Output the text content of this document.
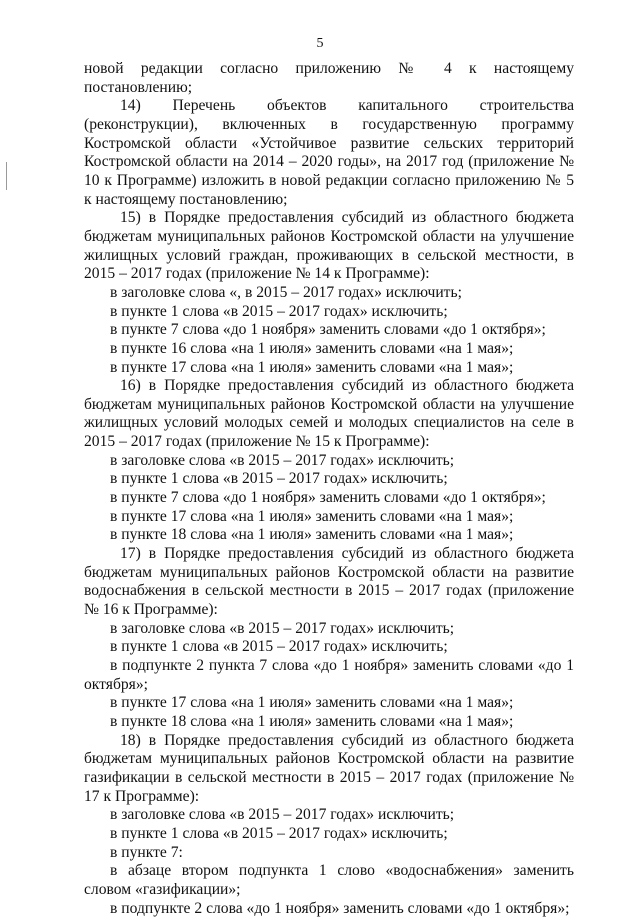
5

новой редакции согласно приложению № 4 к настоящему постановлению;

14) Перечень объектов капитального строительства (реконструкции), включенных в государственную программу Костромской области «Устойчивое развитие сельских территорий Костромской области на 2014 – 2020 годы», на 2017 год (приложение № 10 к Программе) изложить в новой редакции согласно приложению № 5 к настоящему постановлению;

15) в Порядке предоставления субсидий из областного бюджета бюджетам муниципальных районов Костромской области на улучшение жилищных условий граждан, проживающих в сельской местности, в 2015 – 2017 годах (приложение № 14 к Программе):

в заголовке слова «, в 2015 – 2017 годах» исключить;

в пункте 1 слова «в 2015 – 2017 годах» исключить;

в пункте 7 слова «до 1 ноября» заменить словами «до 1 октября»;

в пункте 16 слова «на 1 июля» заменить словами «на 1 мая»;

в пункте 17 слова «на 1 июля» заменить словами «на 1 мая»;

16) в Порядке предоставления субсидий из областного бюджета бюджетам муниципальных районов Костромской области на улучшение жилищных условий молодых семей и молодых специалистов на селе в 2015 – 2017 годах (приложение № 15 к Программе):

в заголовке слова «в 2015 – 2017 годах» исключить;

в пункте 1 слова «в 2015 – 2017 годах» исключить;

в пункте 7 слова «до 1 ноября» заменить словами «до 1 октября»;

в пункте 17 слова «на 1 июля» заменить словами «на 1 мая»;

в пункте 18 слова «на 1 июля» заменить словами «на 1 мая»;

17) в Порядке предоставления субсидий из областного бюджета бюджетам муниципальных районов Костромской области на развитие водоснабжения в сельской местности в 2015 – 2017 годах (приложение № 16 к Программе):

в заголовке слова «в 2015 – 2017 годах» исключить;

в пункте 1 слова «в 2015 – 2017 годах» исключить;

в подпункте 2 пункта 7 слова «до 1 ноября» заменить словами «до 1 октября»;

в пункте 17 слова «на 1 июля» заменить словами «на 1 мая»;

в пункте 18 слова «на 1 июля» заменить словами «на 1 мая»;

18) в Порядке предоставления субсидий из областного бюджета бюджетам муниципальных районов Костромской области на развитие газификации в сельской местности в 2015 – 2017 годах (приложение № 17 к Программе):

в заголовке слова «в 2015 – 2017 годах» исключить;

в пункте 1 слова «в 2015 – 2017 годах» исключить;

в пункте 7:

в абзаце втором подпункта 1 слово «водоснабжения» заменить словом «газификации»;

в подпункте 2 слова «до 1 ноября» заменить словами «до 1 октября»;
